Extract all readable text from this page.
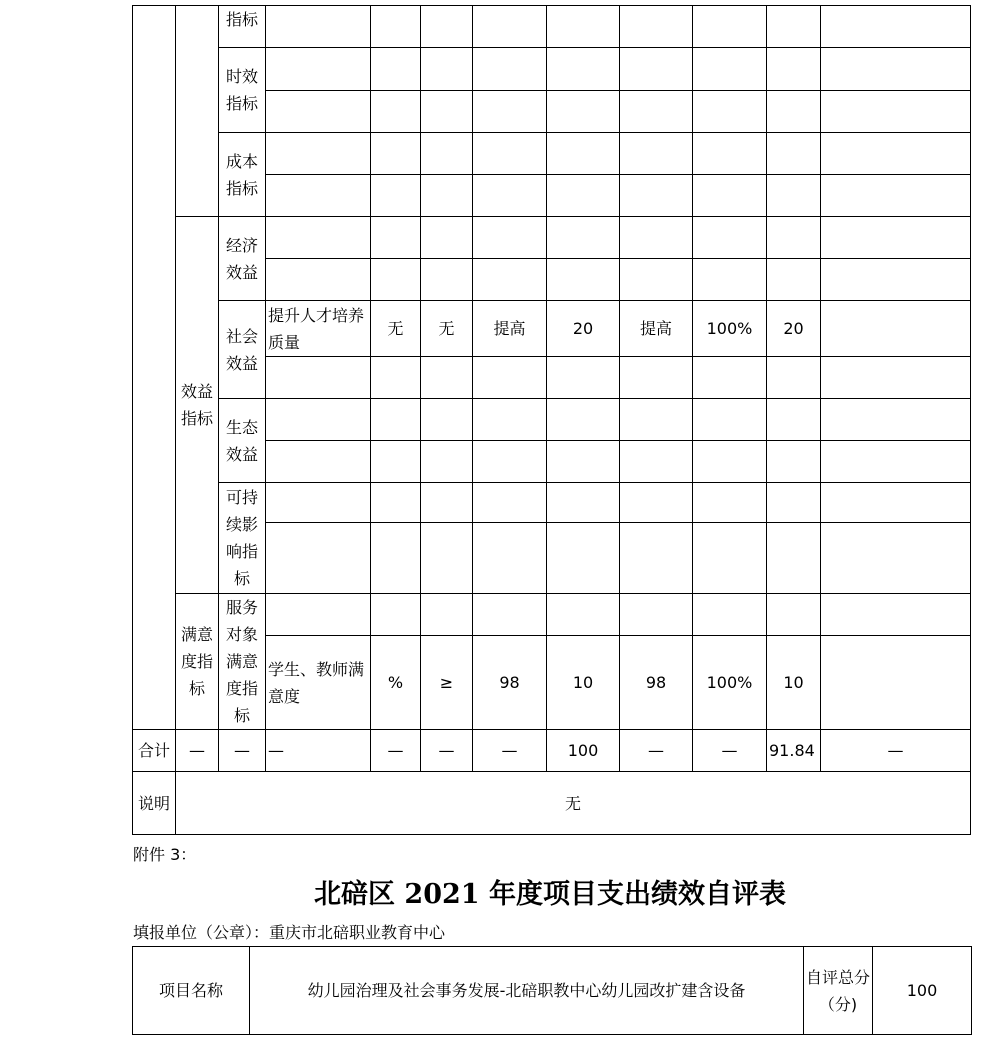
		指标									
		时效指标									

		成本指标									

	效益指标	经济效益									

		社会效益	提升人才培养质量	无	无	提高	20	提高	100%	20	

		生态效益									

		可持续影响指标									

	满意度指标	服务对象满意度指标									
			学生、教师满意度	%	≥	98	10	98	100%	10	
合计	—	—	—	—	—	—	100	—	—	91.84	—
说明	无										
附件 3：
北碚区 2021 年度项目支出绩效自评表
填报单位（公章）：重庆市北碚职业教育中心
项目名称	幼儿园治理及社会事务发展-北碚职教中心幼儿园改扩建含设备	自评总分（分)	100
